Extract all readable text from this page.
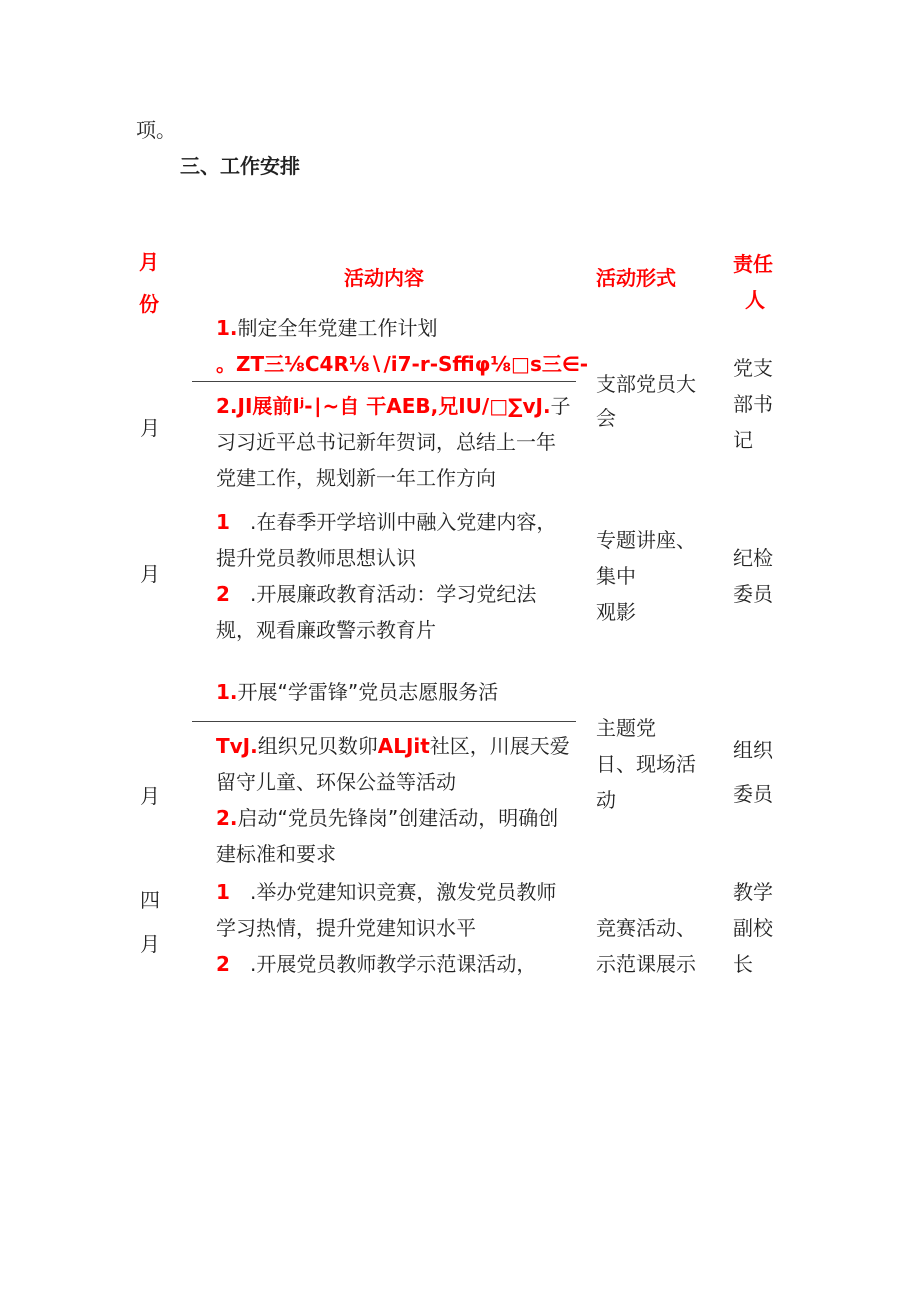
项。
三、工作安排
月
份
活动内容	活动形式
责任
人
月
1.制定全年党建工作计划
。ZT三⅛C4R⅛∖/i7-r-Sffiφ⅛□s三∈-
2.JI展前Iʲ-∣~自 干AEB,兄IU/□∑vJ.子
习习近平总书记新年贺词，总结上一年
党建工作，规划新一年工作方向
支部党员大
会
党支
部书
记
月
1 .在春季开学培训中融入党建内容，
提升党员教师思想认识
2 .开展廉政教育活动：学习党纪法
规，观看廉政警示教育片
专题讲座、
集中
观影
纪检
委员
月
1.开展“学雷锋”党员志愿服务活
TvJ.组织兄贝数卯ALJit社区，川展天爱
留守儿童、环保公益等活动
2.启动“党员先锋岗”创建活动，明确创
建标准和要求
主题党
日、现场活
动
组织
委员
四
月
1 .举办党建知识竞赛，激发党员教师
学习热情，提升党建知识水平
2 .开展党员教师教学示范课活动，
竞赛活动、
示范课展示
教学
副校
长
